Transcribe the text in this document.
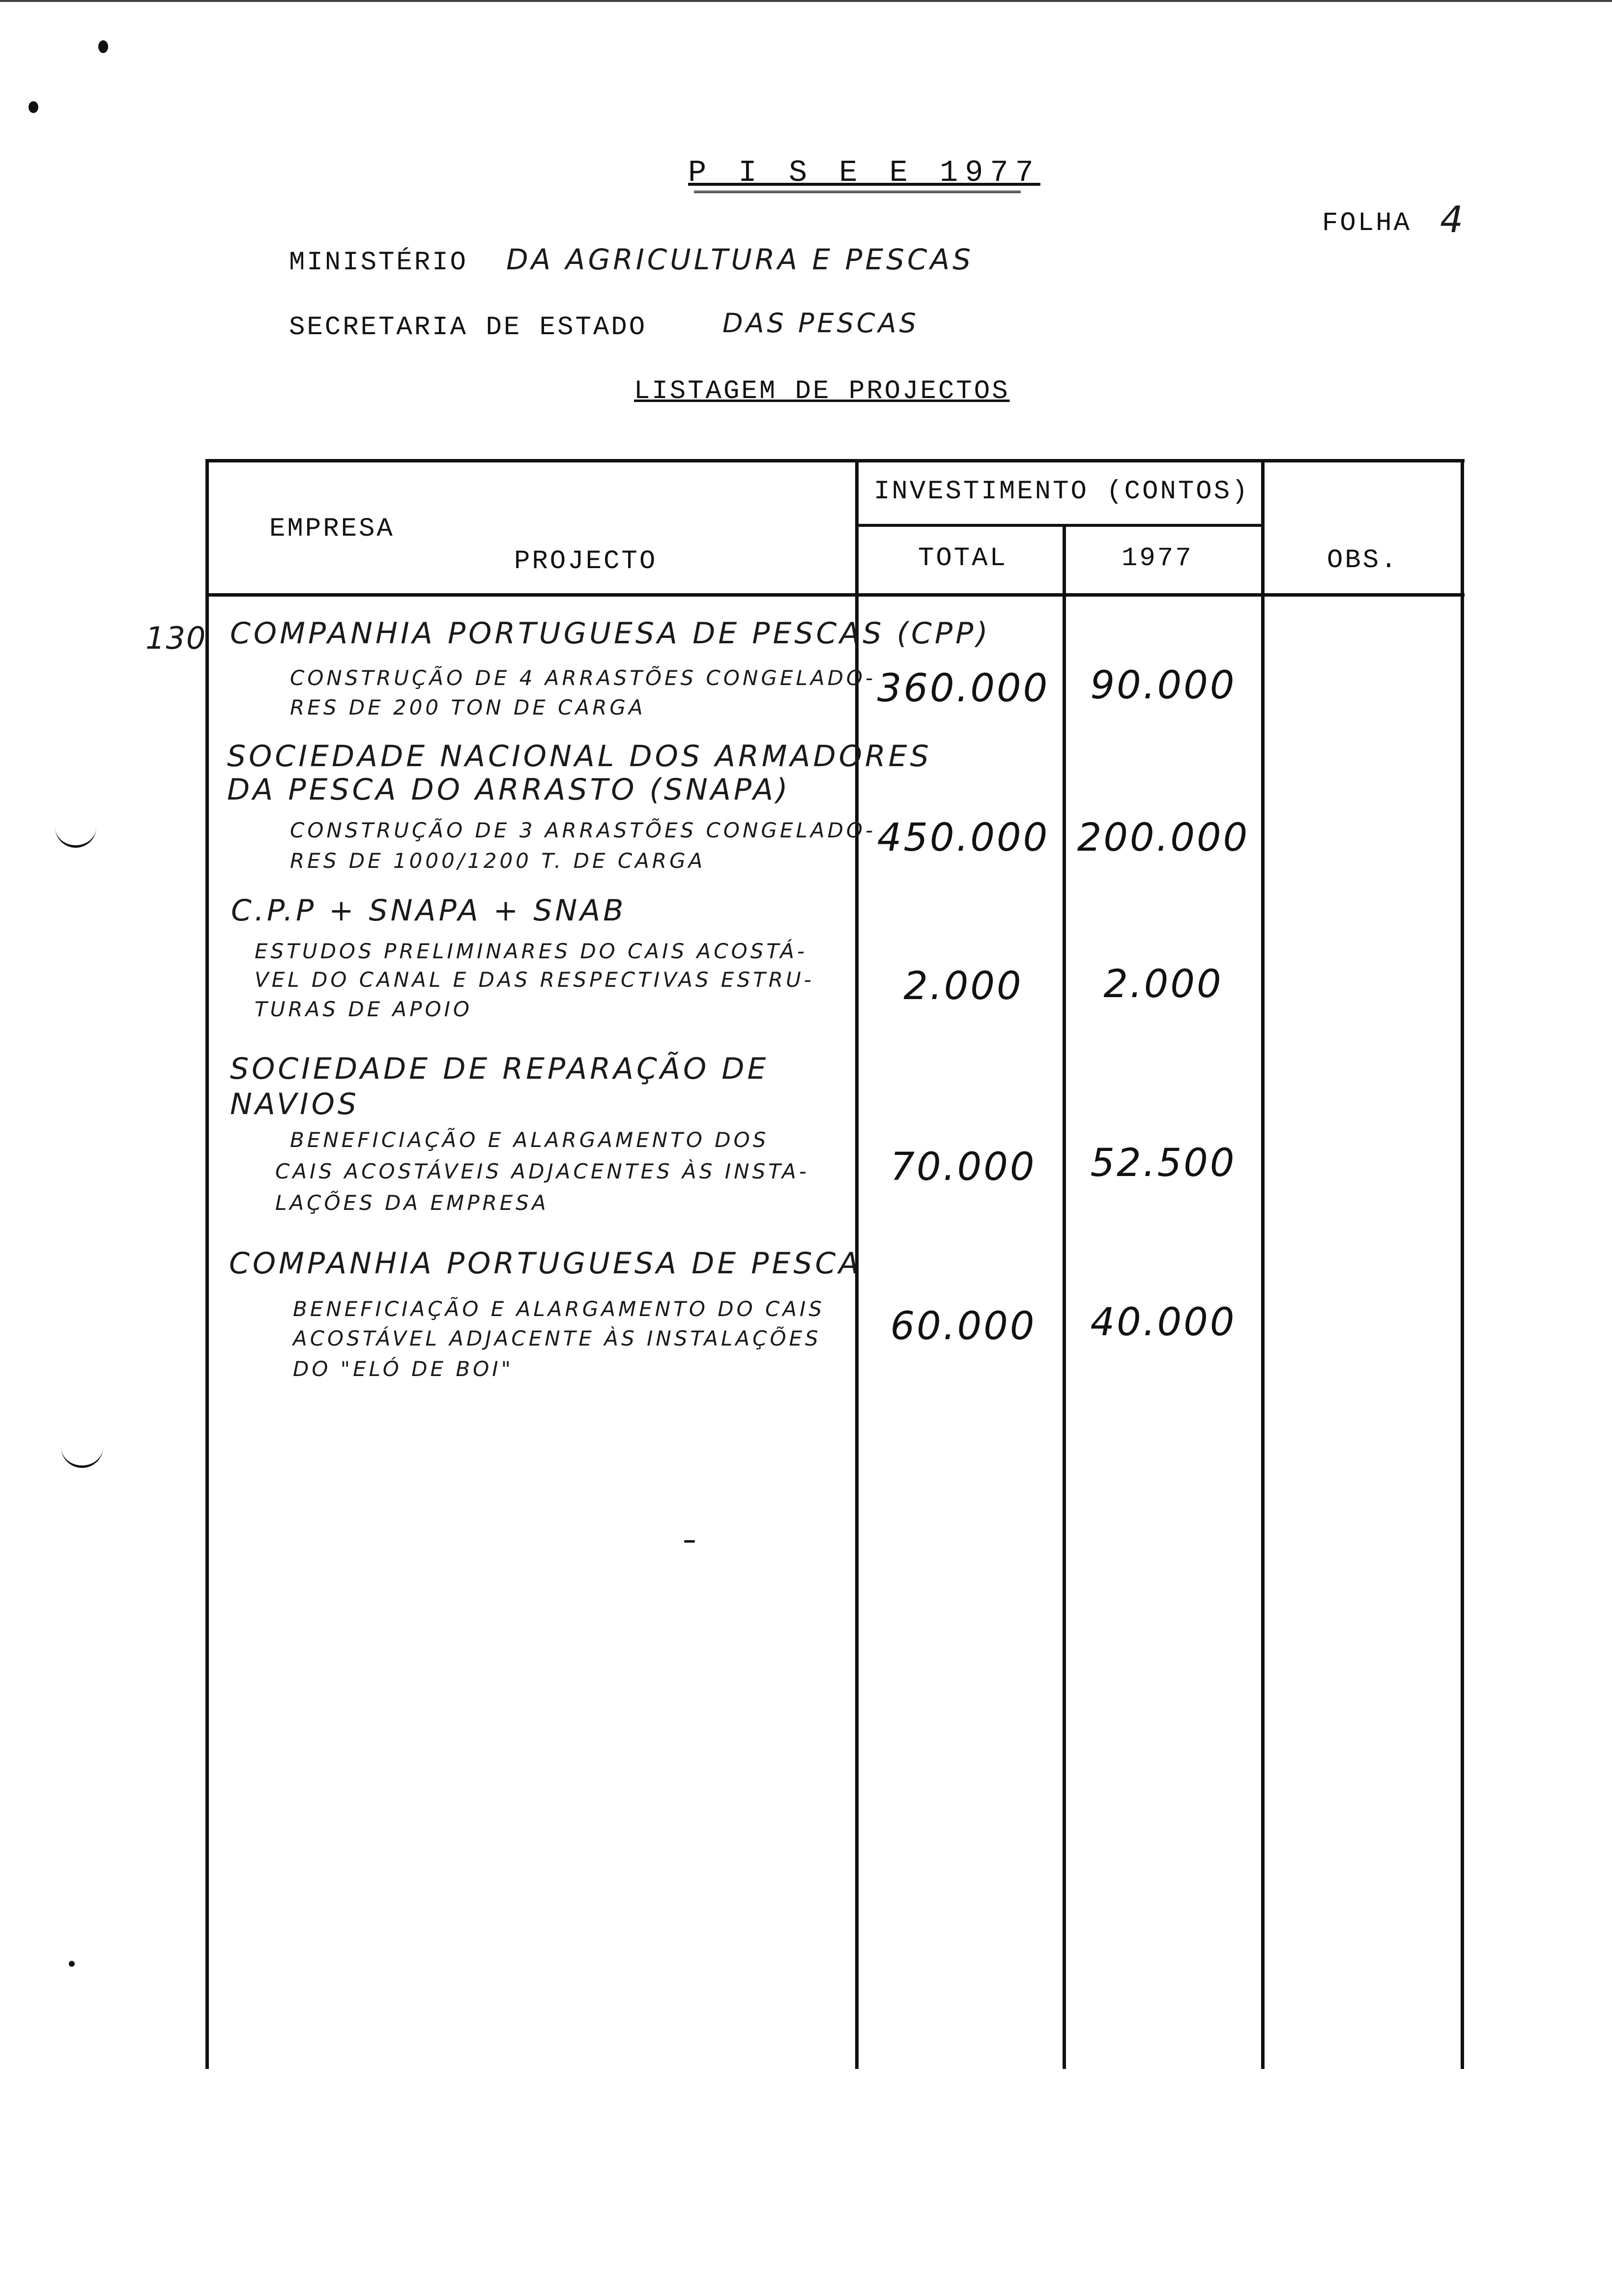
P I S E E 1977
FOLHA 4
MINISTÉRIO DA AGRICULTURA E PESCAS
SECRETARIA DE ESTADO	DAS PESCAS
LISTAGEM DE PROJECTOS
EMPRESA
PROJECTO
INVESTIMENTO (CONTOS)
TOTAL	1977	OBS.
130 COMPANHIA PORTUGUESA DE PESCAS (CPP)
CONSTRUÇÃO DE 4 ARRASTÕES CONGELADO-
RES DE 200 TON DE CARGA	360.000	90.000
SOCIEDADE NACIONAL DOS ARMADORES
DA PESCA DO ARRASTO (SNAPA)
CONSTRUÇÃO DE 3 ARRASTÕES CONGELADO-
RES DE 1000/1200 T. DE CARGA
450.000 200.000
C.P.P + SNAPA + SNAB
ESTUDOS PRELIMINARES DO CAIS ACOSTÁ-
VEL DO CANAL E DAS RESPECTIVAS ESTRU-
TURAS DE APOIO
2.000	2.000
SOCIEDADE DE REPARAÇÃO DE
NAVIOS
BENEFICIAÇÃO E ALARGAMENTO DOS
CAIS ACOSTÁVEIS ADJACENTES ÀS INSTA-
LAÇÕES DA EMPRESA
70.000	52.500
COMPANHIA PORTUGUESA DE PESCA
BENEFICIAÇÃO E ALARGAMENTO DO CAIS
ACOSTÁVEL ADJACENTE ÀS INSTALAÇÕES
DO "ELÓ DE BOI"
60.000	40.000
